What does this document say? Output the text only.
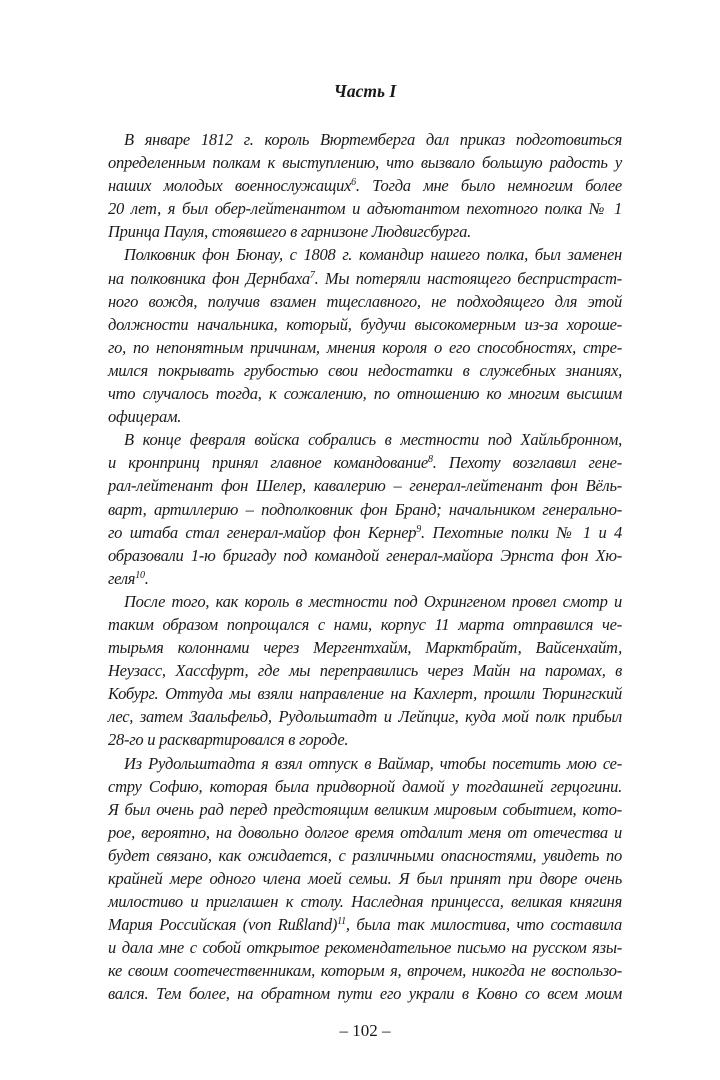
Часть I
В январе 1812 г. король Вюртемберга дал приказ подготовиться
определенным полкам к выступлению, что вызвало большую радость у
наших молодых военнослужащих$^6$. Тогда мне было немногим более
20 лет, я был обер-лейтенантом и адъютантом пехотного полка № 1
Принца Пауля, стоявшего в гарнизоне Людвигсбурга.
Полковник фон Бюнау, с 1808 г. командир нашего полка, был заменен
на полковника фон Дернбаха$^7$. Мы потеряли настоящего беспристраст-
ного вождя, получив взамен тщеславного, не подходящего для этой
должности начальника, который, будучи высокомерным из-за хороше-
го, по непонятным причинам, мнения короля о его способностях, стре-
мился покрывать грубостью свои недостатки в служебных знаниях,
что случалось тогда, к сожалению, по отношению ко многим высшим
офицерам.
В конце февраля войска собрались в местности под Хайльбронном,
и кронпринц принял главное командование$^8$. Пехоту возглавил гене-
рал-лейтенант фон Шелер, кавалерию – генерал-лейтенант фон Вёль-
варт, артиллерию – подполковник фон Бранд; начальником генерально-
го штаба стал генерал-майор фон Кернер$^9$. Пехотные полки № 1 и 4
образовали 1-ю бригаду под командой генерал-майора Эрнста фон Хю-
геля$^{10}$.
После того, как король в местности под Охрингеном провел смотр и
таким образом попрощался с нами, корпус 11 марта отправился че-
тырьмя колоннами через Мергентхайм, Марктбрайт, Вайсенхайт,
Неузасс, Хассфурт, где мы переправились через Майн на паромах, в
Кобург. Оттуда мы взяли направление на Кахлерт, прошли Тюрингский
лес, затем Заальфельд, Рудольштадт и Лейпциг, куда мой полк прибыл
28-го и расквартировался в городе.
Из Рудольштадта я взял отпуск в Ваймар, чтобы посетить мою се-
стру Софию, которая была придворной дамой у тогдашней герцогини.
Я был очень рад перед предстоящим великим мировым событием, кото-
рое, вероятно, на довольно долгое время отдалит меня от отечества и
будет связано, как ожидается, с различными опасностями, увидеть по
крайней мере одного члена моей семьи. Я был принят при дворе очень
милостиво и приглашен к столу. Наследная принцесса, великая княгиня
Мария Российская (von Rußland)$^{11}$, была так милостива, что составила
и дала мне с собой открытое рекомендательное письмо на русском язы-
ке своим соотечественникам, которым я, впрочем, никогда не воспользо-
вался. Тем более, на обратном пути его украли в Ковно со всем моим
– 102 –
